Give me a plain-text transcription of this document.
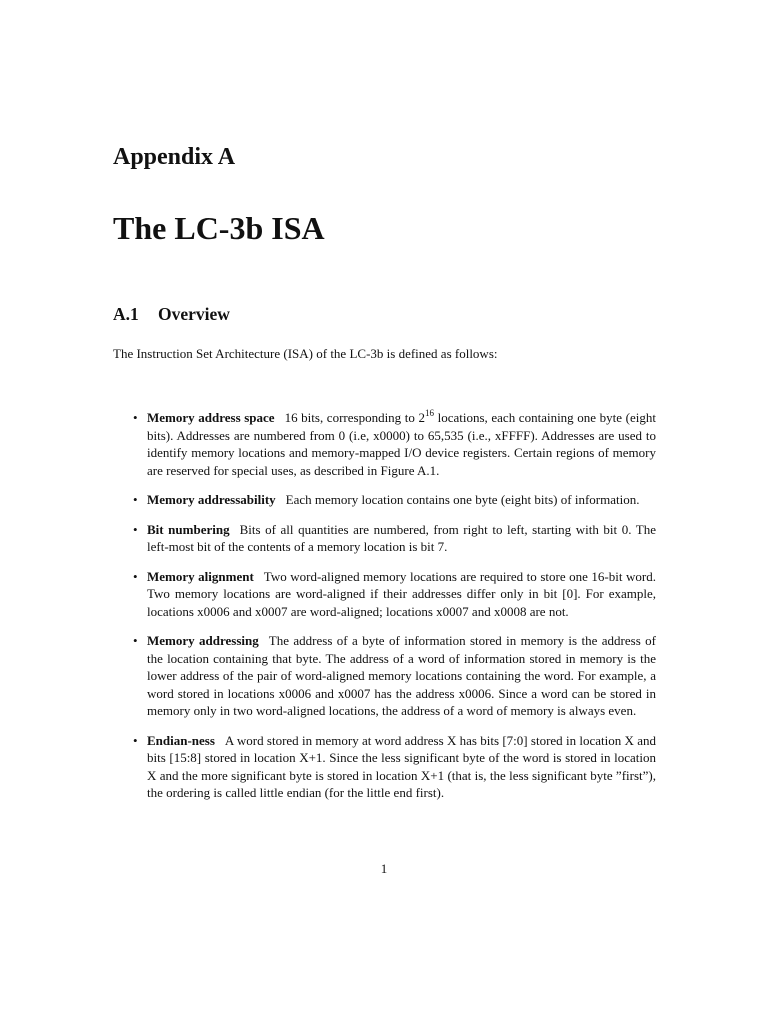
Appendix A
The LC-3b ISA
A.1 Overview

The Instruction Set Architecture (ISA) of the LC-3b is defined as follows:

• Memory address space 16 bits, corresponding to $2^{16}$ locations, each containing one byte (eight bits). Addresses are numbered from 0 (i.e, x0000) to 65,535 (i.e., xFFFF). Addresses are used to identify memory locations and memory-mapped I/O device registers. Certain regions of memory are reserved for special uses, as described in Figure A.1.
• Memory addressability Each memory location contains one byte (eight bits) of information.
• Bit numbering Bits of all quantities are numbered, from right to left, starting with bit 0. The left-most bit of the contents of a memory location is bit 7.
• Memory alignment Two word-aligned memory locations are required to store one 16-bit word. Two memory locations are word-aligned if their addresses differ only in bit [0]. For example, locations x0006 and x0007 are word-aligned; locations x0007 and x0008 are not.
• Memory addressing The address of a byte of information stored in memory is the address of the location containing that byte. The address of a word of information stored in memory is the lower address of the pair of word-aligned memory locations containing the word. For example, a word stored in locations x0006 and x0007 has the address x0006. Since a word can be stored in memory only in two word-aligned locations, the address of a word of memory is always even.
• Endian-ness A word stored in memory at word address X has bits [7:0] stored in location X and bits [15:8] stored in location X+1. Since the less significant byte of the word is stored in location X and the more significant byte is stored in location X+1 (that is, the less significant byte ”first”), the ordering is called little endian (for the little end first).

1
